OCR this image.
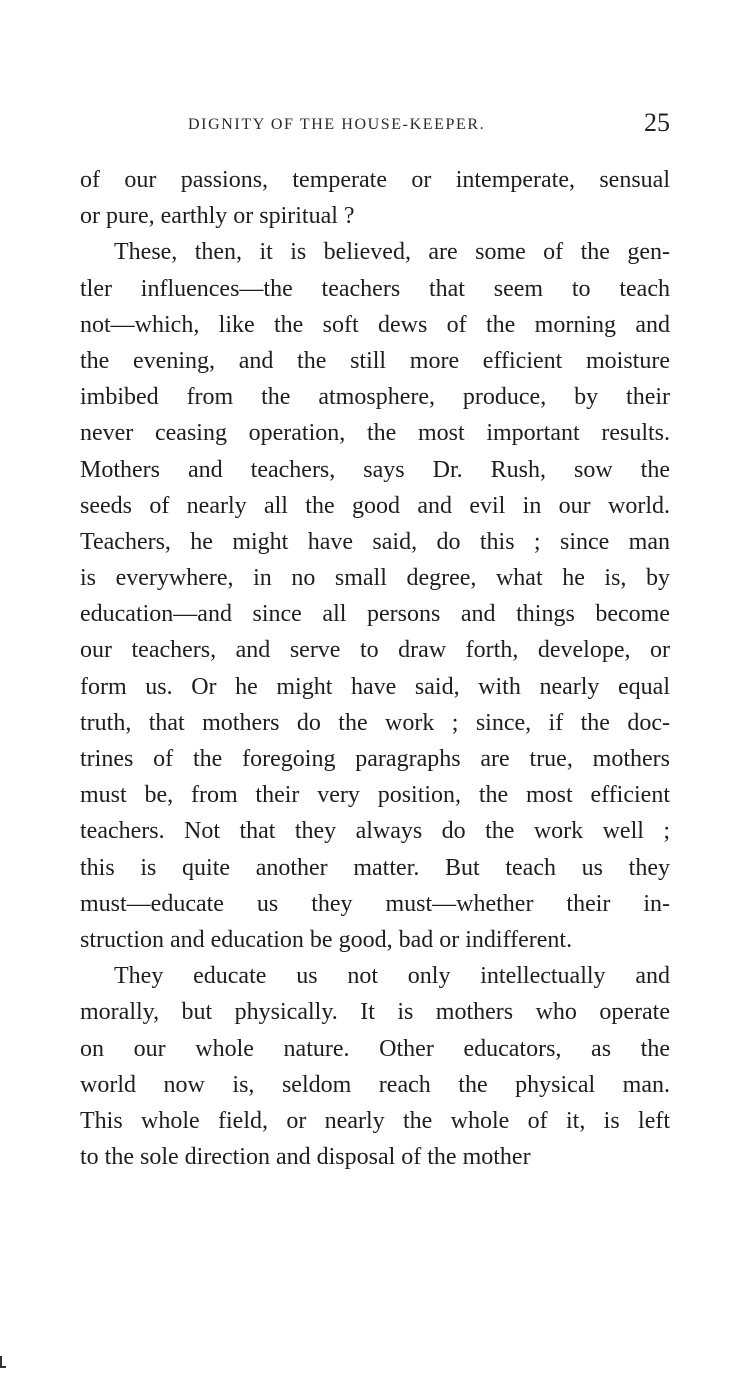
DIGNITY OF THE HOUSE-KEEPER.	25
of our passions, temperate or intemperate, sensual
or pure, earthly or spiritual ?
These, then, it is believed, are some of the gen-
tler influences—the teachers that seem to teach
not—which, like the soft dews of the morning and
the evening, and the still more efficient moisture
imbibed from the atmosphere, produce, by their
never ceasing operation, the most important results.
Mothers and teachers, says Dr. Rush, sow the
seeds of nearly all the good and evil in our world.
Teachers, he might have said, do this ; since man
is everywhere, in no small degree, what he is, by
education—and since all persons and things become
our teachers, and serve to draw forth, develope, or
form us. Or he might have said, with nearly equal
truth, that mothers do the work ; since, if the doc-
trines of the foregoing paragraphs are true, mothers
must be, from their very position, the most efficient
teachers. Not that they always do the work well ;
this is quite another matter. But teach us they
must—educate us they must—whether their in-
struction and education be good, bad or indifferent.
They educate us not only intellectually and
morally, but physically. It is mothers who operate
on our whole nature. Other educators, as the
world now is, seldom reach the physical man.
This whole field, or nearly the whole of it, is left
to the sole direction and disposal of the mother
